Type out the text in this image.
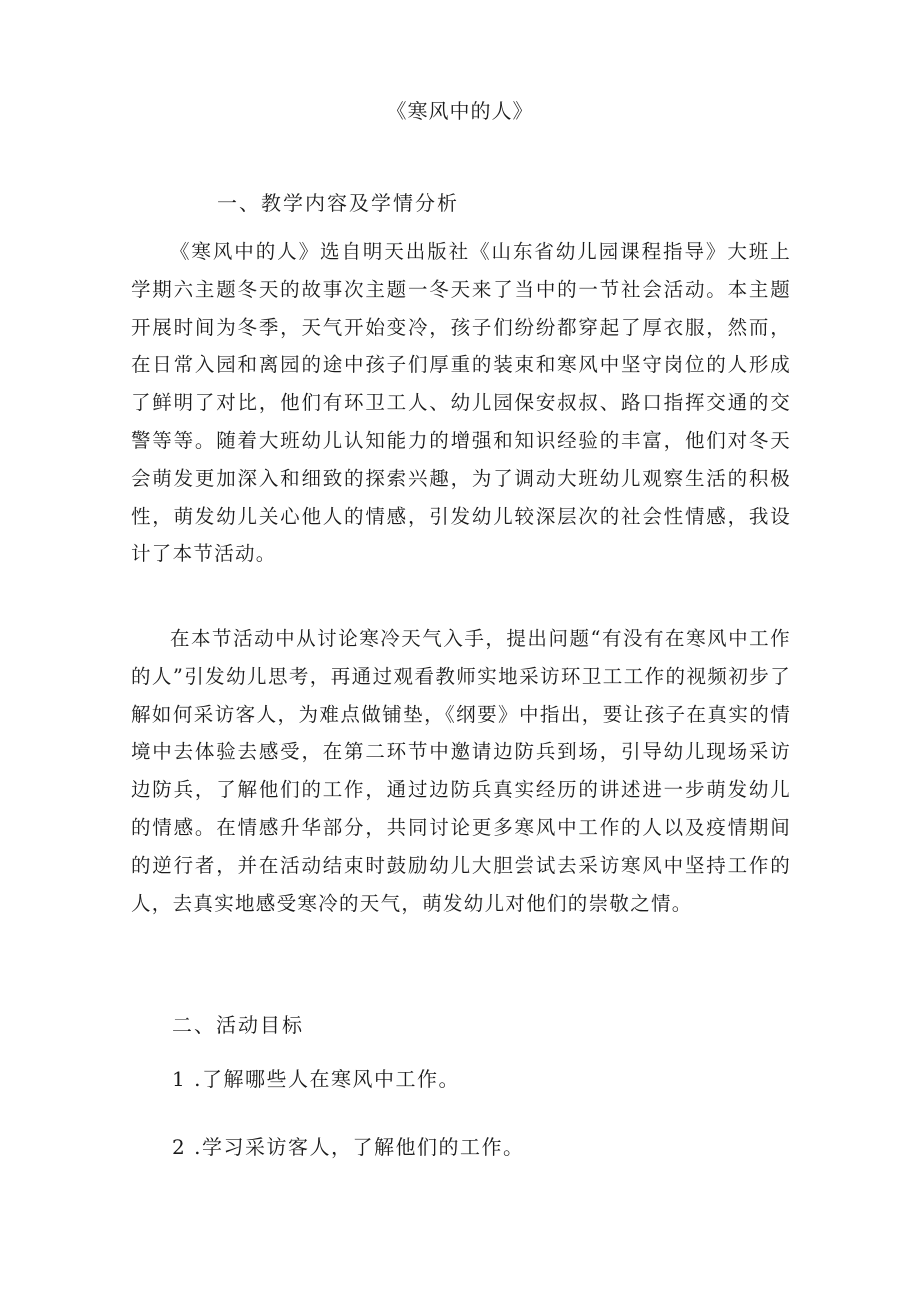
《寒风中的人》
一、教学内容及学情分析

《寒风中的人》选自明天出版社《山东省幼儿园课程指导》大班上学期六主题冬天的故事次主题一冬天来了当中的一节社会活动。本主题开展时间为冬季，天气开始变冷，孩子们纷纷都穿起了厚衣服，然而，在日常入园和离园的途中孩子们厚重的装束和寒风中坚守岗位的人形成了鲜明了对比，他们有环卫工人、幼儿园保安叔叔、路口指挥交通的交警等等。随着大班幼儿认知能力的增强和知识经验的丰富，他们对冬天会萌发更加深入和细致的探索兴趣，为了调动大班幼儿观察生活的积极性，萌发幼儿关心他人的情感，引发幼儿较深层次的社会性情感，我设计了本节活动。

在本节活动中从讨论寒冷天气入手，提出问题“有没有在寒风中工作的人”引发幼儿思考，再通过观看教师实地采访环卫工工作的视频初步了解如何采访客人，为难点做铺垫，《纲要》中指出，要让孩子在真实的情境中去体验去感受，在第二环节中邀请边防兵到场，引导幼儿现场采访边防兵，了解他们的工作，通过边防兵真实经历的讲述进一步萌发幼儿的情感。在情感升华部分，共同讨论更多寒风中工作的人以及疫情期间的逆行者，并在活动结束时鼓励幼儿大胆尝试去采访寒风中坚持工作的人，去真实地感受寒冷的天气，萌发幼儿对他们的崇敬之情。

二、活动目标
1 .了解哪些人在寒风中工作。
2 .学习采访客人，了解他们的工作。
